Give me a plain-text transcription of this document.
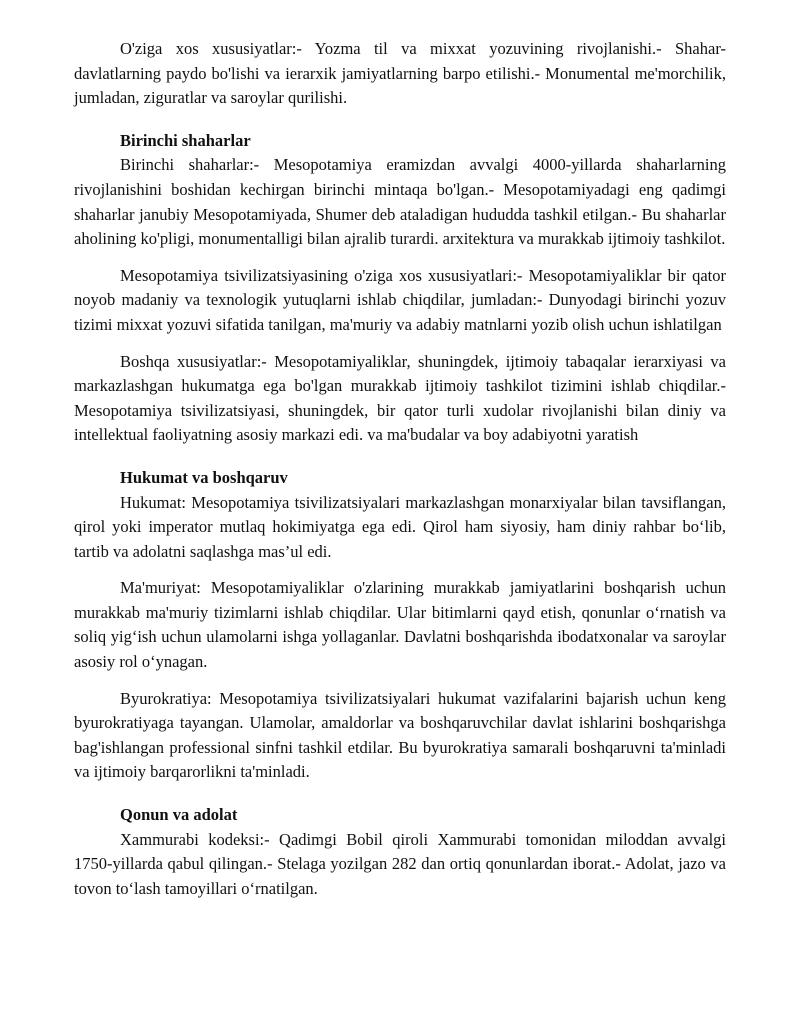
O'ziga xos xususiyatlar:- Yozma til va mixxat yozuvining rivojlanishi.- Shahar-davlatlarning paydo bo'lishi va ierarxik jamiyatlarning barpo etilishi.- Monumental me'morchilik, jumladan, ziguratlar va saroylar qurilishi.

Birinchi shaharlar

Birinchi shaharlar:- Mesopotamiya eramizdan avvalgi 4000-yillarda shaharlarning rivojlanishini boshidan kechirgan birinchi mintaqa bo'lgan.- Mesopotamiyadagi eng qadimgi shaharlar janubiy Mesopotamiyada, Shumer deb ataladigan hududda tashkil etilgan.- Bu shaharlar aholining ko'pligi, monumentalligi bilan ajralib turardi. arxitektura va murakkab ijtimoiy tashkilot.

Mesopotamiya tsivilizatsiyasining o'ziga xos xususiyatlari:- Mesopotamiyaliklar bir qator noyob madaniy va texnologik yutuqlarni ishlab chiqdilar, jumladan:- Dunyodagi birinchi yozuv tizimi mixxat yozuvi sifatida tanilgan, ma'muriy va adabiy matnlarni yozib olish uchun ishlatilgan

Boshqa xususiyatlar:- Mesopotamiyaliklar, shuningdek, ijtimoiy tabaqalar ierarxiyasi va markazlashgan hukumatga ega bo'lgan murakkab ijtimoiy tashkilot tizimini ishlab chiqdilar.- Mesopotamiya tsivilizatsiyasi, shuningdek, bir qator turli xudolar rivojlanishi bilan diniy va intellektual faoliyatning asosiy markazi edi. va ma'budalar va boy adabiyotni yaratish

Hukumat va boshqaruv

Hukumat: Mesopotamiya tsivilizatsiyalari markazlashgan monarxiyalar bilan tavsiflangan, qirol yoki imperator mutlaq hokimiyatga ega edi. Qirol ham siyosiy, ham diniy rahbar bo‘lib, tartib va adolatni saqlashga mas’ul edi.

Ma'muriyat: Mesopotamiyaliklar o'zlarining murakkab jamiyatlarini boshqarish uchun murakkab ma'muriy tizimlarni ishlab chiqdilar. Ular bitimlarni qayd etish, qonunlar o‘rnatish va soliq yig‘ish uchun ulamolarni ishga yollaganlar. Davlatni boshqarishda ibodatxonalar va saroylar asosiy rol o‘ynagan.

Byurokratiya: Mesopotamiya tsivilizatsiyalari hukumat vazifalarini bajarish uchun keng byurokratiyaga tayangan. Ulamolar, amaldorlar va boshqaruvchilar davlat ishlarini boshqarishga bag'ishlangan professional sinfni tashkil etdilar. Bu byurokratiya samarali boshqaruvni ta'minladi va ijtimoiy barqarorlikni ta'minladi.

Qonun va adolat

Xammurabi kodeksi:- Qadimgi Bobil qiroli Xammurabi tomonidan miloddan avvalgi 1750-yillarda qabul qilingan.- Stelaga yozilgan 282 dan ortiq qonunlardan iborat.- Adolat, jazo va tovon to‘lash tamoyillari o‘rnatilgan.
